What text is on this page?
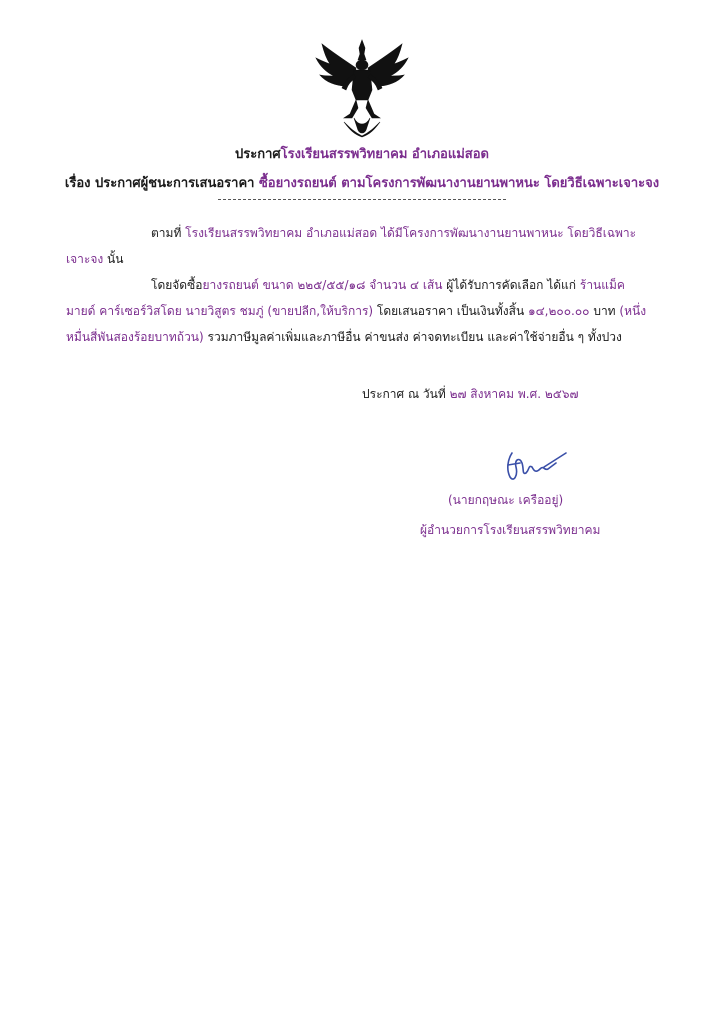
ประกาศโรงเรียนสรรพวิทยาคม อำเภอแม่สอด
เรื่อง ประกาศผู้ชนะการเสนอราคา ซื้อยางรถยนต์ ตามโครงการพัฒนางานยานพาหนะ โดยวิธีเฉพาะเจาะจง
ตามที่ โรงเรียนสรรพวิทยาคม อำเภอแม่สอด ได้มีโครงการพัฒนางานยานพาหนะ โดยวิธีเฉพาะ
เจาะจง นั้น
โดยจัดซื้อยางรถยนต์ ขนาด ๒๒๕/๕๕/๑๘ จำนวน ๔ เส้น ผู้ได้รับการคัดเลือก ได้แก่ ร้านแม็ค
มายด์ คาร์เซอร์วิสโดย นายวิสูตร ชมภู่ (ขายปลีก,ให้บริการ) โดยเสนอราคา เป็นเงินทั้งสิ้น ๑๔,๒๐๐.๐๐ บาท (หนึ่ง
หมื่นสี่พันสองร้อยบาทถ้วน) รวมภาษีมูลค่าเพิ่มและภาษีอื่น ค่าขนส่ง ค่าจดทะเบียน และค่าใช้จ่ายอื่น ๆ ทั้งปวง
ประกาศ ณ วันที่ ๒๗ สิงหาคม พ.ศ. ๒๕๖๗
(นายกฤษณะ เครืออยู่)
ผู้อำนวยการโรงเรียนสรรพวิทยาคม
